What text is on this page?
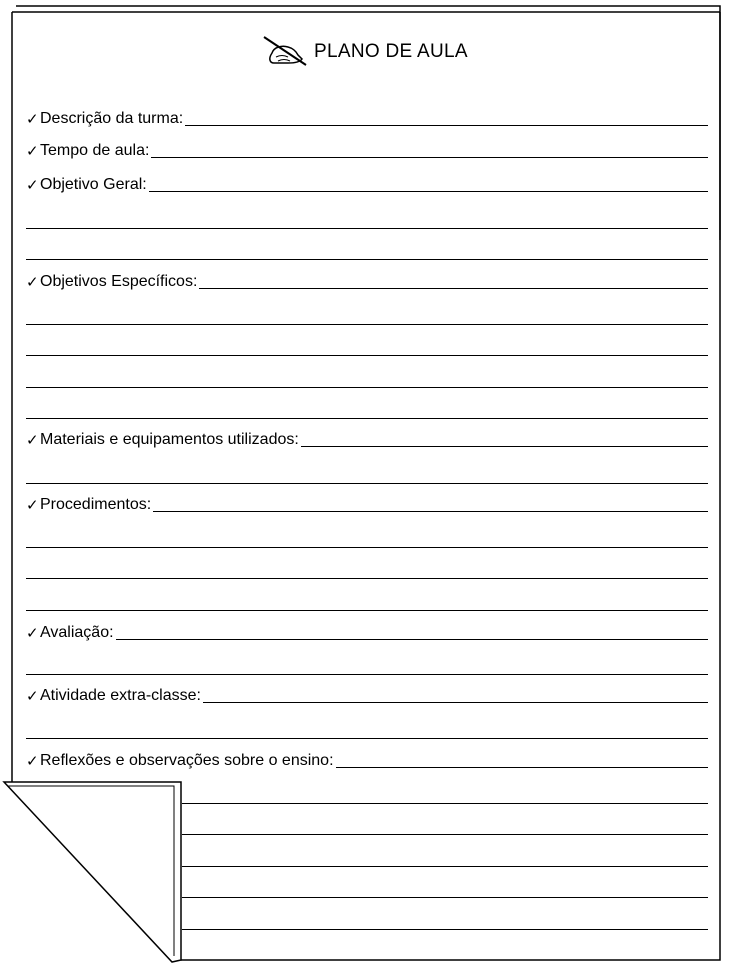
PLANO DE AULA
✓ Descrição da turma:
✓ Tempo de aula:
✓ Objetivo Geral:
✓ Objetivos Específicos:
✓ Materiais e equipamentos utilizados:
✓ Procedimentos:
✓ Avaliação:
✓ Atividade extra-classe:
✓ Reflexões e observações sobre o ensino:
